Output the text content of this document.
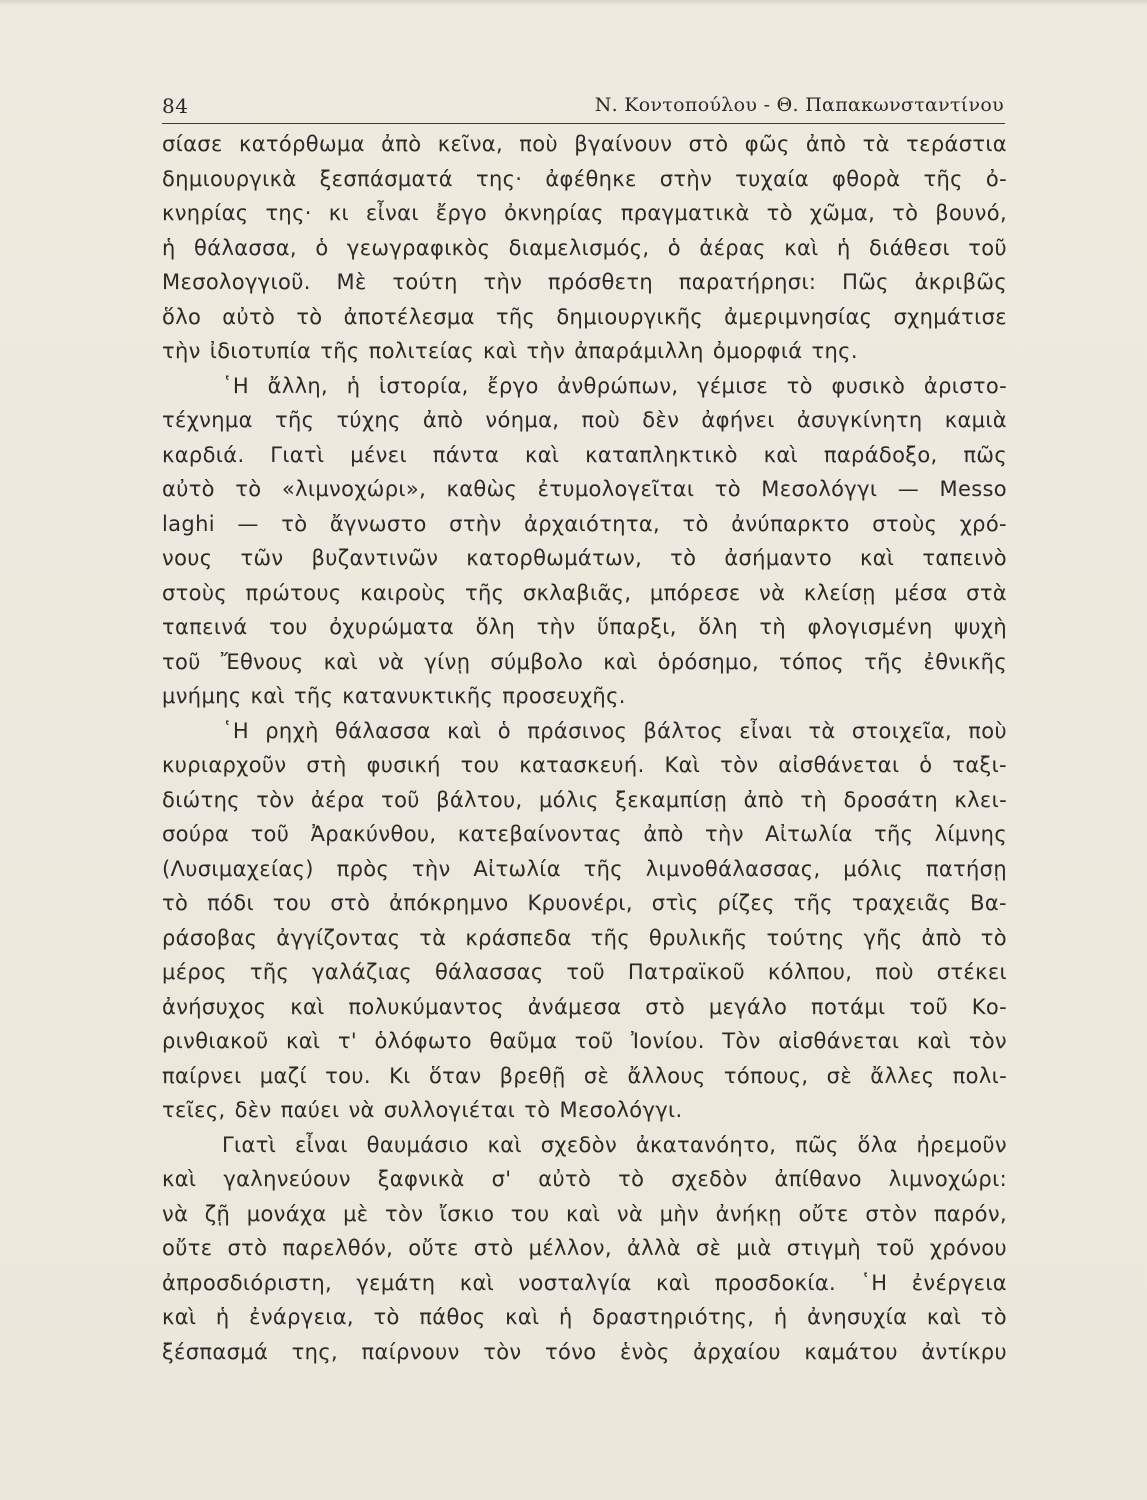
84	Ν. Κοντοπούλου - Θ. Παπακωνσταντίνου
σίασε κατόρθωμα ἀπὸ κεῖνα, ποὺ βγαίνουν στὸ φῶς ἀπὸ τὰ τεράστια
δημιουργικὰ ξεσπάσματά της· ἀφέθηκε στὴν τυχαία φθορὰ τῆς ὀ-
κνηρίας της· κι εἶναι ἔργο ὀκνηρίας πραγματικὰ τὸ χῶμα, τὸ βουνό,
ἡ θάλασσα, ὁ γεωγραφικὸς διαμελισμός, ὁ ἀέρας καὶ ἡ διάθεσι τοῦ
Μεσολογγιοῦ. Μὲ τούτη τὴν πρόσθετη παρατήρησι: Πῶς ἀκριβῶς
ὅλο αὐτὸ τὸ ἀποτέλεσμα τῆς δημιουργικῆς ἀμεριμνησίας σχημάτισε
τὴν ἰδιοτυπία τῆς πολιτείας καὶ τὴν ἀπαράμιλλη ὀμορφιά της.
῾Η ἄλλη, ἡ ἱστορία, ἔργο ἀνθρώπων, γέμισε τὸ φυσικὸ ἀριστο-
τέχνημα τῆς τύχης ἀπὸ νόημα, ποὺ δὲν ἀφήνει ἀσυγκίνητη καμιὰ
καρδιά. Γιατὶ μένει πάντα καὶ καταπληκτικὸ καὶ παράδοξο, πῶς
αὐτὸ τὸ «λιμνοχώρι», καθὼς ἐτυμολογεῖται τὸ Μεσολόγγι — Messo
laghi — τὸ ἄγνωστο στὴν ἀρχαιότητα, τὸ ἀνύπαρκτο στοὺς χρό-
νους τῶν βυζαντινῶν κατορθωμάτων, τὸ ἀσήμαντο καὶ ταπεινὸ
στοὺς πρώτους καιροὺς τῆς σκλαβιᾶς, μπόρεσε νὰ κλείσῃ μέσα στὰ
ταπεινά του ὀχυρώματα ὅλη τὴν ὕπαρξι, ὅλη τὴ φλογισμένη ψυχὴ
τοῦ Ἔθνους καὶ νὰ γίνῃ σύμβολο καὶ ὁρόσημο, τόπος τῆς ἐθνικῆς
μνήμης καὶ τῆς κατανυκτικῆς προσευχῆς.
῾Η ρηχὴ θάλασσα καὶ ὁ πράσινος βάλτος εἶναι τὰ στοιχεῖα, ποὺ
κυριαρχοῦν στὴ φυσική του κατασκευή. Καὶ τὸν αἰσθάνεται ὁ ταξι-
διώτης τὸν ἀέρα τοῦ βάλτου, μόλις ξεκαμπίσῃ ἀπὸ τὴ δροσάτη κλει-
σούρα τοῦ Ἀρακύνθου, κατεβαίνοντας ἀπὸ τὴν Αἰτωλία τῆς λίμνης
(Λυσιμαχείας) πρὸς τὴν Αἰτωλία τῆς λιμνοθάλασσας, μόλις πατήσῃ
τὸ πόδι του στὸ ἀπόκρημνο Κρυονέρι, στὶς ρίζες τῆς τραχειᾶς Βα-
ράσοβας ἀγγίζοντας τὰ κράσπεδα τῆς θρυλικῆς τούτης γῆς ἀπὸ τὸ
μέρος τῆς γαλάζιας θάλασσας τοῦ Πατραϊκοῦ κόλπου, ποὺ στέκει
ἀνήσυχος καὶ πολυκύμαντος ἀνάμεσα στὸ μεγάλο ποτάμι τοῦ Κο-
ρινθιακοῦ καὶ τ' ὁλόφωτο θαῦμα τοῦ Ἰονίου. Τὸν αἰσθάνεται καὶ τὸν
παίρνει μαζί του. Κι ὅταν βρεθῇ σὲ ἄλλους τόπους, σὲ ἄλλες πολι-
τεῖες, δὲν παύει νὰ συλλογιέται τὸ Μεσολόγγι.
Γιατὶ εἶναι θαυμάσιο καὶ σχεδὸν ἀκατανόητο, πῶς ὅλα ἠρεμοῦν
καὶ γαληνεύουν ξαφνικὰ σ' αὐτὸ τὸ σχεδὸν ἀπίθανο λιμνοχώρι:
νὰ ζῇ μονάχα μὲ τὸν ἴσκιο του καὶ νὰ μὴν ἀνήκῃ οὔτε στὸν παρόν,
οὔτε στὸ παρελθόν, οὔτε στὸ μέλλον, ἀλλὰ σὲ μιὰ στιγμὴ τοῦ χρόνου
ἀπροσδιόριστη, γεμάτη καὶ νοσταλγία καὶ προσδοκία. ῾Η ἐνέργεια
καὶ ἡ ἐνάργεια, τὸ πάθος καὶ ἡ δραστηριότης, ἡ ἀνησυχία καὶ τὸ
ξέσπασμά της, παίρνουν τὸν τόνο ἑνὸς ἀρχαίου καμάτου ἀντίκρυ
